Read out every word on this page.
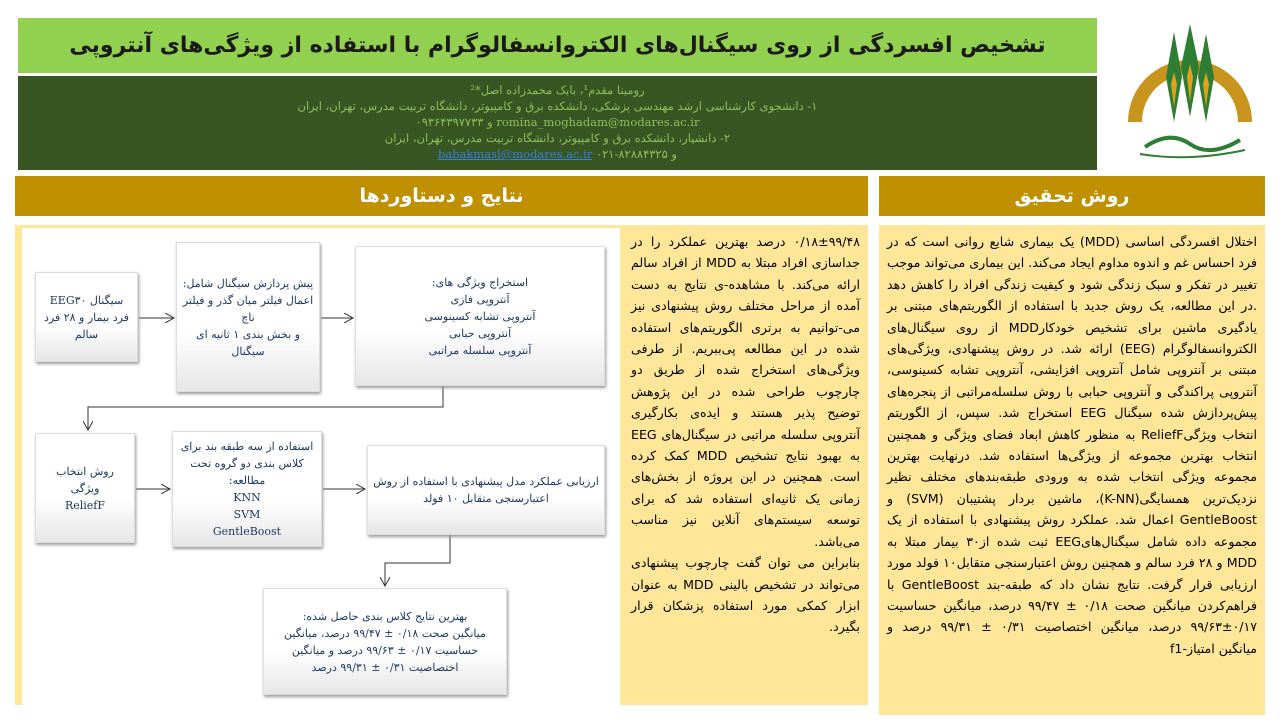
تشخیص افسردگی از روی سیگنال‌های الکتروانسفالوگرام با استفاده از ویژگی‌های آنتروپی
رومینا مقدم¹، بابک محمدزاده اصل*²
۱- دانشجوی کارشناسی ارشد مهندسی پزشکی، دانشکده برق و کامپیوتر، دانشگاه تربیت مدرس، تهران، ایران
romina_moghadam@modares.ac.ir و ۰۹۳۶۴۳۹۷۷۳۳
۲- دانشیار، دانشکده برق و کامپیوتر، دانشگاه تربیت مدرس، تهران، ایران
و ۸۲۸۸۴۳۲۵-۰۲۱ babakmasl@modares.ac.ir
روش تحقیق
نتایج و دستاوردها
اختلال افسردگی اساسی (MDD) یک بیماری شایع روانی است که در فرد احساس غم و اندوه مداوم ایجاد می‌کند. این بیماری می‌تواند موجب تغییر در تفکر و سبک زندگی شود و کیفیت زندگی افراد را کاهش دهد .در این مطالعه، یک روش جدید با استفاده از الگوریتم‌های مبتنی بر یادگیری ماشین برای تشخیص خودکارMDD از روی سیگنال‌های الکتروانسفالوگرام (EEG) ارائه شد. در روش پیشنهادی، ویژگی‌های مبتنی بر آنتروپی شامل آنتروپی افزایشی، آنتروپی تشابه کسینوسی، آنتروپی پراکندگی و آنتروپی حبابی با روش سلسله‌مراتبی از پنجره‌های پیش‌پردازش شده سیگنال EEG استخراج شد. سپس، از الگوریتم انتخاب ویژگیReliefF به منظور کاهش ابعاد فضای ویژگی و همچنین انتخاب بهترین مجموعه از ویژگی‌ها استفاده شد. درنهایت بهترین مجموعه ویژگی انتخاب شده به ورودی طبقه‌بندهای مختلف نظیر نزدیک‌ترین همسایگی(K-NN)، ماشین بردار پشتیبان (SVM) و GentleBoost اعمال شد. عملکرد روش پیشنهادی با استفاده از یک مجموعه داده شامل سیگنال‌هایEEG ثبت شده از۳۰ بیمار مبتلا به MDD و ۲۸ فرد سالم و همچنین روش اعتبارسنجی متقابل۱۰ فولد مورد ارزیابی قرار گرفت. نتایج نشان داد که طبقه-بند GentleBoost با فراهم‌کردن میانگین صحت ۰/۱۸ ± ۹۹/۴۷ درصد، میانگین حساسیت ۰/۱۷±۹۹/۶۳ درصد، میانگین اختصاصیت ۰/۳۱ ± ۹۹/۳۱ درصد و میانگین امتیاز-f1

۰/۱۸±۹۹/۴۸ درصد بهترین عملکرد را در جداسازی افراد مبتلا به MDD از افراد سالم ارائه می‌کند. با مشاهده-ی نتایج به دست آمده از مراحل مختلف روش پیشنهادی نیز می-توانیم به برتری الگوریتم‌های استفاده شده در این مطالعه پی‌ببریم. از طرفی ویژگی‌های استخراج شده از طریق دو چارچوب طراحی شده در این پژوهش توضیح پذیر هستند و ایده‌ی بکارگیری آنتروپی سلسله مراتبی در سیگنال‌های EEG به بهبود نتایج تشخیص MDD کمک کرده است. همچنین در این پروژه از بخش‌های زمانی یک ثانیه‌ای استفاده شد که برای توسعه سیستم‌های آنلاین نیز مناسب می‌باشد.

بنابراین می توان گفت چارچوب پیشنهادی می‌تواند در تشخیص بالینی MDD به عنوان ابزار کمکی مورد استفاده پزشکان قرار بگیرد.

سیگنال EEG۳۰ فرد بیمار و ۲۸ فرد سالم
پیش پردازش سیگنال شامل:
اعمال فیلتر میان گذر و فیلتر ناچ
و بخش بندی ۱ ثانیه ای سیگنال
استخراج ویژگی های:
آنتروپی فازی
آنتروپی تشابه کسینوسی
آنتروپی حبابی
آنتروپی سلسله مراتبی
روش انتخاب ویژگی
ReliefF
استفاده از سه طبقه بند برای کلاس بندی دو گروه تحت مطالعه:
KNN
SVM
GentleBoost
ارزیابی عملکرد مدل پیشنهادی با استفاده از روش اعتبارسنجی متقابل ۱۰ فولد
بهترین نتایج کلاس بندی حاصل شده:
میانگین صحت ۰/۱۸ ± ۹۹/۴۷ درصد، میانگین حساسیت ۰/۱۷ ± ۹۹/۶۳ درصد و میانگین اختصاصیت ۰/۳۱ ± ۹۹/۳۱ درصد
